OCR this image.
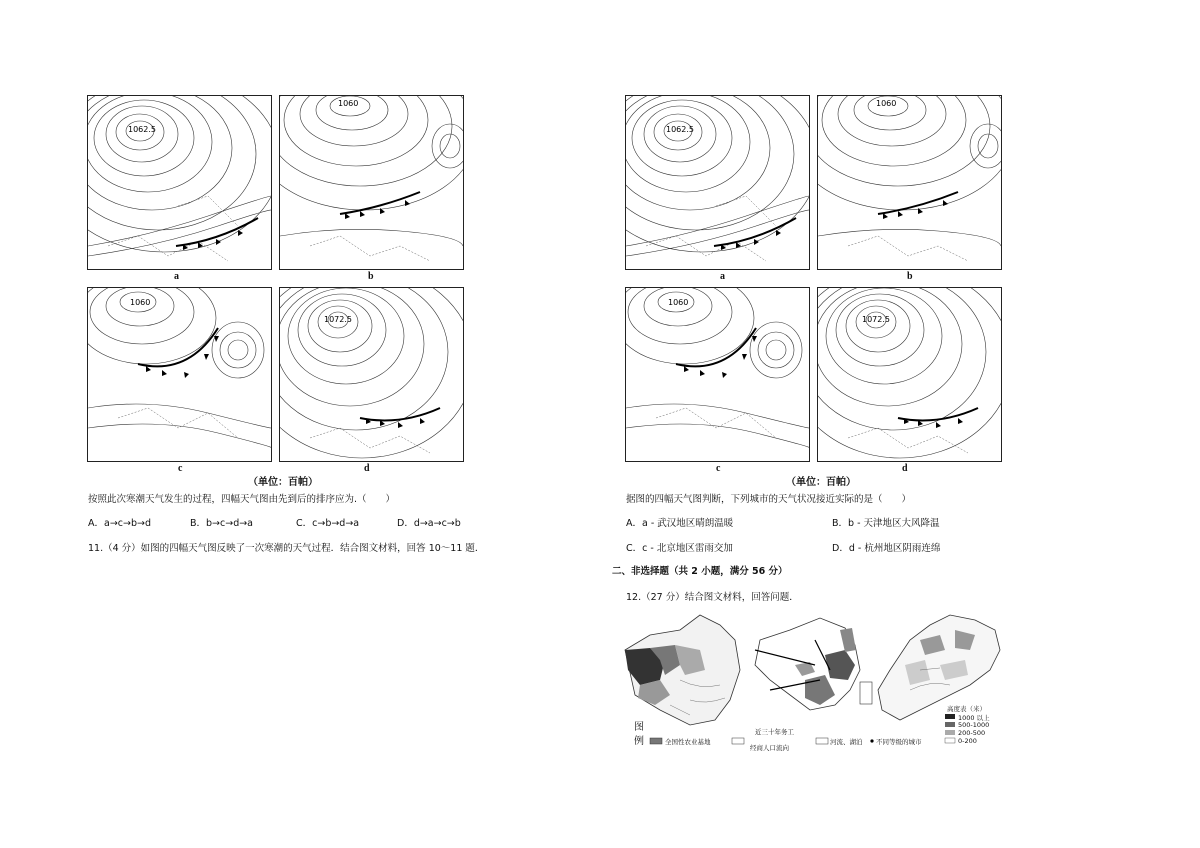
1062.5
1060
a	b
1060
1072.5
c	d
（单位：百帕）
按照此次寒潮天气发生的过程，四幅天气图由先到后的排序应为.（　　）
A．a→c→b→d	B．b→c→d→a	C．c→b→d→a	D．d→a→c→b
11.（4 分）如图的四幅天气图反映了一次寒潮的天气过程．结合图文材料，回答 10～11 题．
1062.5
1060
a	b
1060
1072.5
c	d
（单位：百帕）
据图的四幅天气图判断，下列城市的天气状况接近实际的是（　　）
A．a - 武汉地区晴朗温暖	B．b - 天津地区大风降温
C．c - 北京地区雷雨交加	D．d - 杭州地区阴雨连绵
二、非选择题（共 2 小题，满分 56 分）
12.（27 分）结合图文材料，回答问题．
图
例	全国性农业基地
近三十年务工
经商人口流向
河流、湖泊 不同等级的城市
高度表（米）
1000 以上
500-1000
200-500
0-200
